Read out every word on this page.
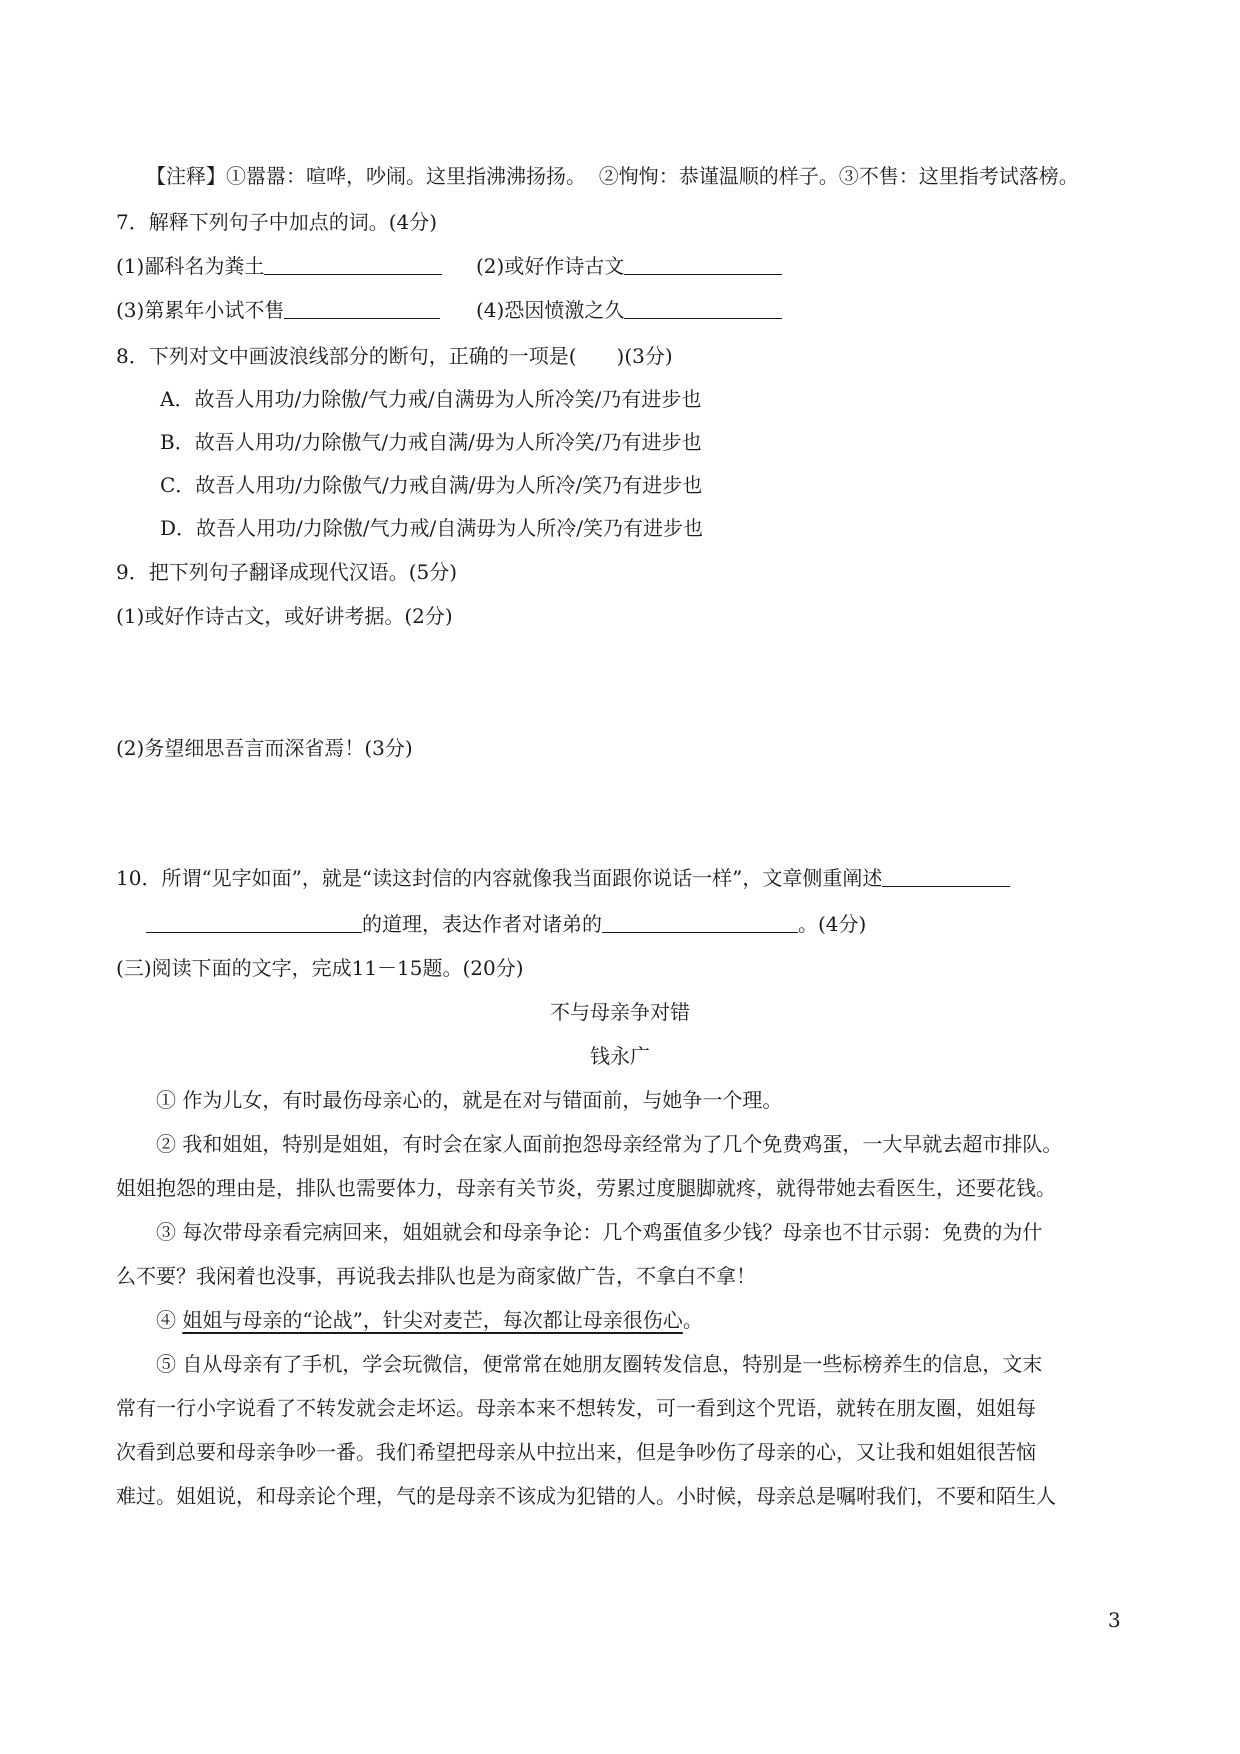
【注释】①嚣嚣：喧哗，吵闹。这里指沸沸扬扬。  ②恂恂：恭谨温顺的样子。③不售：这里指考试落榜。
7．解释下列句子中加点的词。(4分)
(1)鄙科名为粪土	(2)或好作诗古文
(3)第累年小试不售	(4)恐因愤激之久
8．下列对文中画波浪线部分的断句，正确的一项是(　　)(3分)
A．故吾人用功/力除傲/气力戒/自满毋为人所冷笑/乃有进步也
B．故吾人用功/力除傲气/力戒自满/毋为人所冷笑/乃有进步也
C．故吾人用功/力除傲气/力戒自满/毋为人所冷/笑乃有进步也
D．故吾人用功/力除傲/气力戒/自满毋为人所冷/笑乃有进步也
9．把下列句子翻译成现代汉语。(5分)
(1)或好作诗古文，或好讲考据。(2分)
(2)务望细思吾言而深省焉！(3分)
10．所谓“见字如面”，就是“读这封信的内容就像我当面跟你说话一样”，文章侧重阐述
的道理，表达作者对诸弟的	。(4分)
(三)阅读下面的文字，完成11－15题。(20分)
不与母亲争对错
钱永广
① 作为儿女，有时最伤母亲心的，就是在对与错面前，与她争一个理。
② 我和姐姐，特别是姐姐，有时会在家人面前抱怨母亲经常为了几个免费鸡蛋，一大早就去超市排队。
姐姐抱怨的理由是，排队也需要体力，母亲有关节炎，劳累过度腿脚就疼，就得带她去看医生，还要花钱。
③ 每次带母亲看完病回来，姐姐就会和母亲争论：几个鸡蛋值多少钱？母亲也不甘示弱：免费的为什
么不要？我闲着也没事，再说我去排队也是为商家做广告，不拿白不拿！
④ 姐姐与母亲的“论战”，针尖对麦芒，每次都让母亲很伤心。
⑤ 自从母亲有了手机，学会玩微信，便常常在她朋友圈转发信息，特别是一些标榜养生的信息，文末
常有一行小字说看了不转发就会走坏运。母亲本来不想转发，可一看到这个咒语，就转在朋友圈，姐姐每
次看到总要和母亲争吵一番。我们希望把母亲从中拉出来，但是争吵伤了母亲的心，又让我和姐姐很苦恼
难过。姐姐说，和母亲论个理，气的是母亲不该成为犯错的人。小时候，母亲总是嘱咐我们，不要和陌生人
3
